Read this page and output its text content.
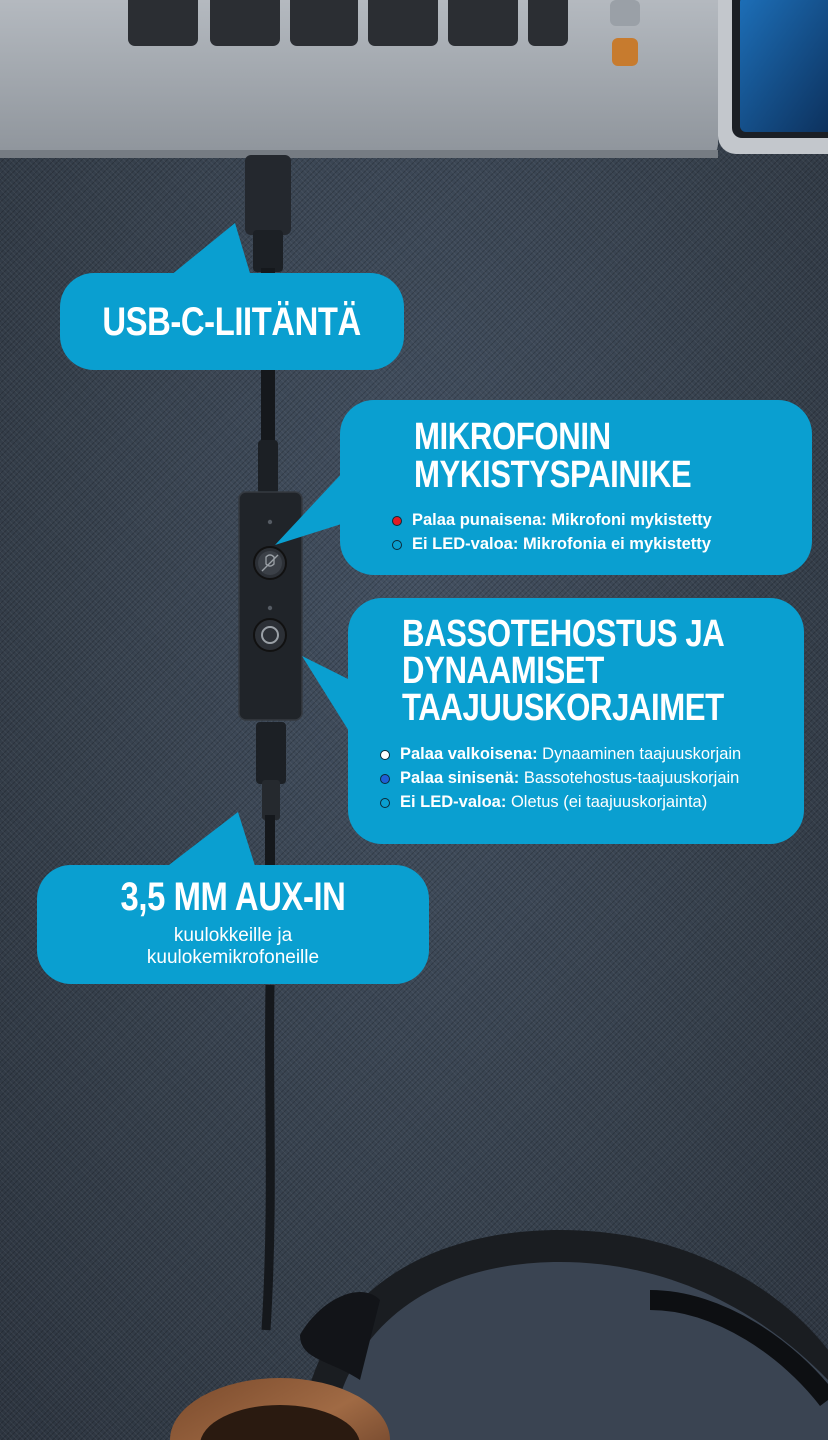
USB-C-LIITÄNTÄ
MIKROFONIN
MYKISTYSPAINIKE
Palaa punaisena: Mikrofoni mykistetty
Ei LED-valoa: Mikrofonia ei mykistetty
BASSOTEHOSTUS JA
DYNAAMISET
TAAJUUSKORJAIMET
Palaa valkoisena: Dynaaminen taajuuskorjain
Palaa sinisenä: Bassotehostus-taajuuskorjain
Ei LED-valoa: Oletus (ei taajuuskorjainta)
3,5 MM AUX-IN
kuulokkeille ja
kuulokemikrofoneille
